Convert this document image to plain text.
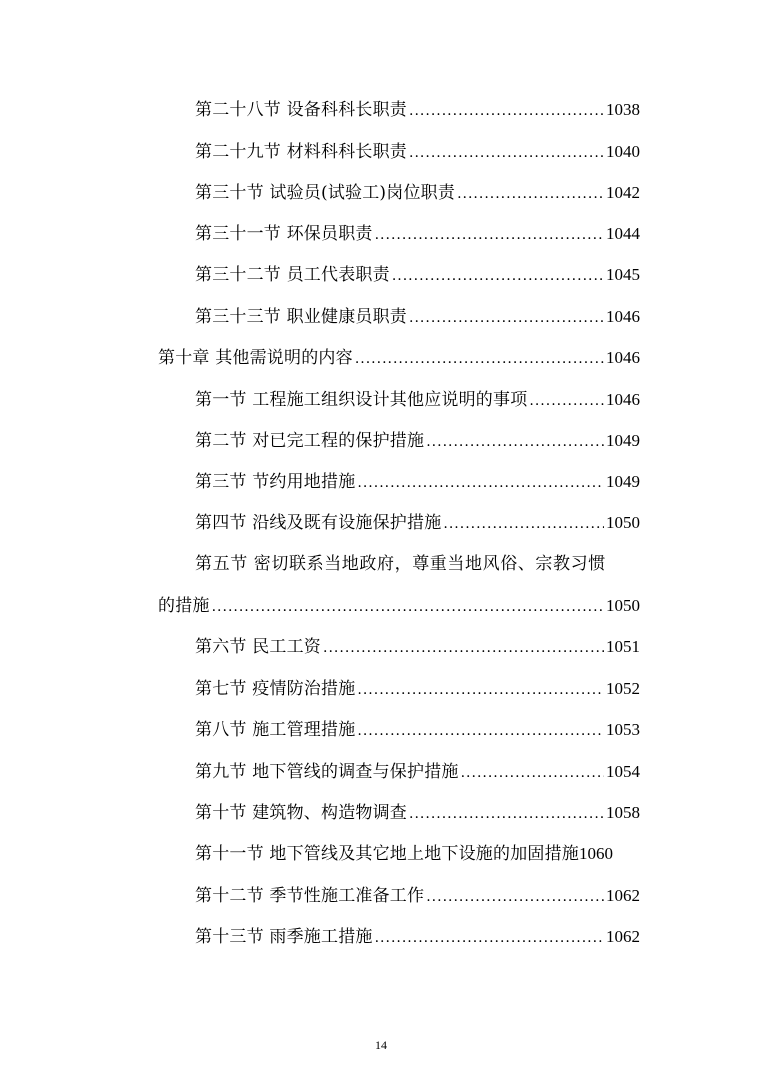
第二十八节 设备科科长职责 .....	1038
第二十九节 材料科科长职责 .....	1040
第三十节 试验员(试验工)岗位职责 .....	1042
第三十一节 环保员职责 .....	1044
第三十二节 员工代表职责 .....	1045
第三十三节 职业健康员职责 .....	1046
第十章 其他需说明的内容 .....	1046
第一节 工程施工组织设计其他应说明的事项 .....	1046
第二节 对已完工程的保护措施 .....	1049
第三节 节约用地措施 .....	1049
第四节 沿线及既有设施保护措施 .....	1050
第五节 密切联系当地政府，尊重当地风俗、宗教习惯
的措施 .....	1050
第六节 民工工资 .....	1051
第七节 疫情防治措施 .....	1052
第八节 施工管理措施 .....	1053
第九节 地下管线的调查与保护措施 .....	1054
第十节 建筑物、构造物调查 .....	1058
第十一节 地下管线及其它地上地下设施的加固措施 1060
第十二节 季节性施工准备工作 .....	1062
第十三节 雨季施工措施 .....	1062
14
